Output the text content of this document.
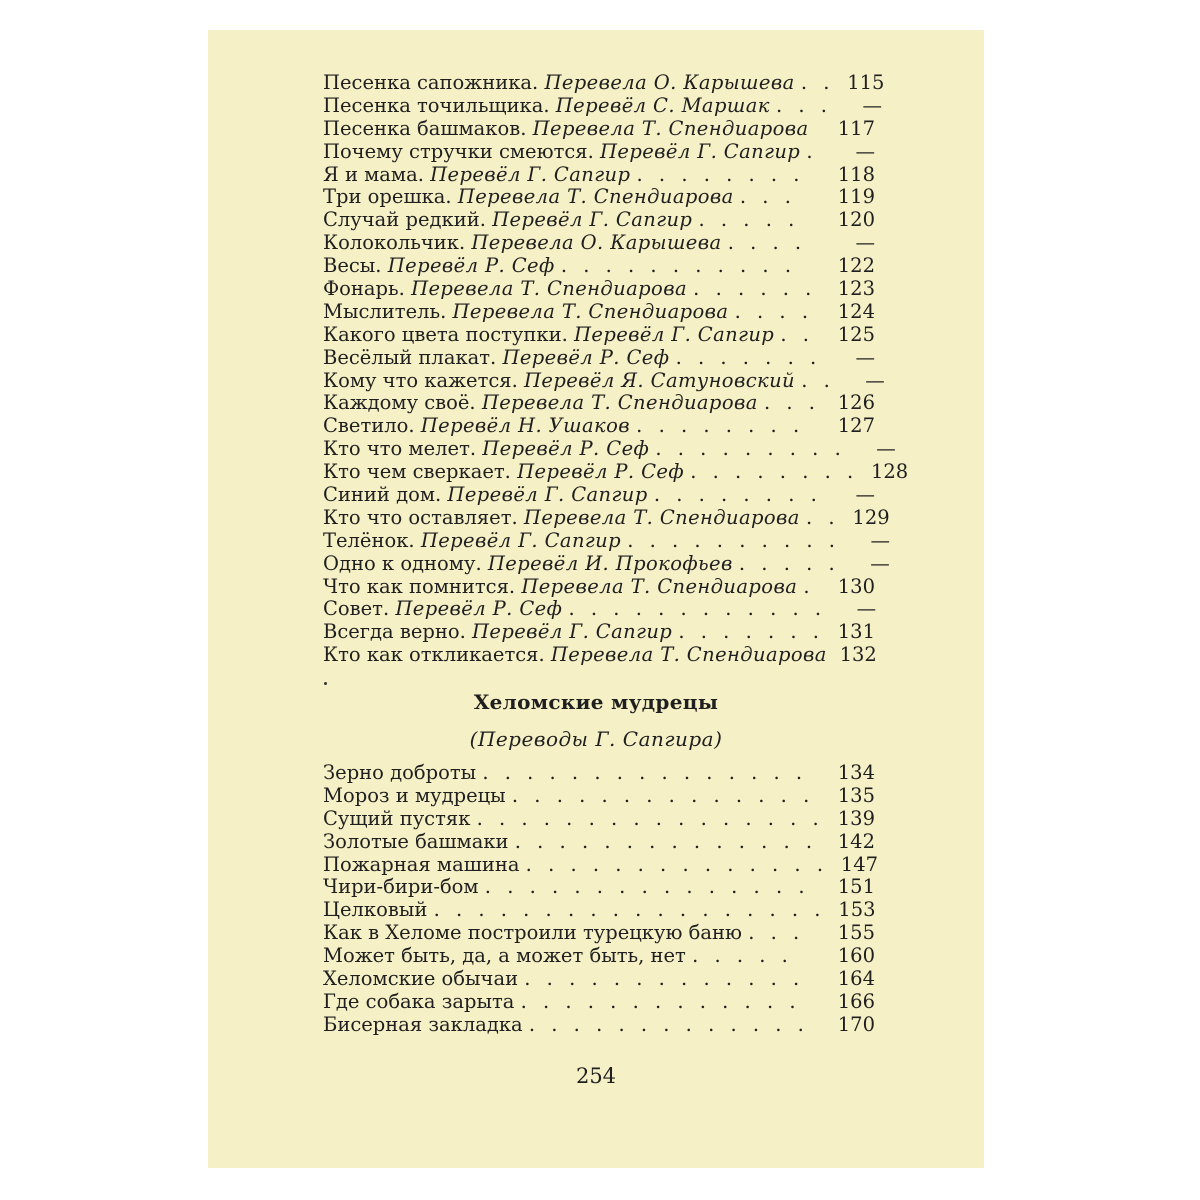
Песенка сапожника. Перевела О. Карышева . . 115
Песенка точильщика. Перевёл С. Маршак . . .	—
Песенка башмаков. Перевела Т. Спендиарова	117
Почему стручки смеются. Перевёл Г. Сапгир .	—
Я и мама. Перевёл Г. Сапгир . . . . . . . .	118
Три орешка. Перевела Т. Спендиарова . . .	119
Случай редкий. Перевёл Г. Сапгир . . . . .	120
Колокольчик. Перевела О. Карышева . . . .	—
Весы. Перевёл Р. Сеф . . . . . . . . . . .	122
Фонарь. Перевела Т. Спендиарова . . . . . .	123
Мыслитель. Перевела Т. Спендиарова . . . .	124
Какого цвета поступки. Перевёл Г. Сапгир . .	125
Весёлый плакат. Перевёл Р. Сеф . . . . . . .	—
Кому что кажется. Перевёл Я. Сатуновский . .	—
Каждому своё. Перевела Т. Спендиарова . . . 126
Светило. Перевёл Н. Ушаков . . . . . . . .	127
Кто что мелет. Перевёл Р. Сеф . . . . . . . . .	—
Кто чем сверкает. Перевёл Р. Сеф . . . . . . . . 128
Синий дом. Перевёл Г. Сапгир . . . . . . . .	—
Кто что оставляет. Перевела Т. Спендиарова . . 129
Телёнок. Перевёл Г. Сапгир . . . . . . . . . .	—
Одно к одному. Перевёл И. Прокофьев . . . . .	—
Что как помнится. Перевела Т. Спендиарова .	130
Совет. Перевёл Р. Сеф . . . . . . . . . . . .	—
Всегда верно. Перевёл Г. Сапгир . . . . . . . 131
Кто как откликается. Перевела Т. Спендиарова 132
Хеломские мудрецы
(Переводы Г. Сапгира)
Зерно доброты . . . . . . . . . . . . . . .	134
Мороз и мудрецы . . . . . . . . . . . . . .	135
Сущий пустяк . . . . . . . . . . . . . . . . 139
Золотые башмаки . . . . . . . . . . . . . .	142
Пожарная машина . . . . . . . . . . . . . . 147
Чири-бири-бом . . . . . . . . . . . . . . .	151
Целковый . . . . . . . . . . . . . . . . . . 153
Как в Хеломе построили турецкую баню . . .	155
Может быть, да, а может быть, нет . . . . .	160
Хеломские обычаи . . . . . . . . . . . . .	164
Где собака зарыта . . . . . . . . . . . . .	166
Бисерная закладка . . . . . . . . . . . . .	170
254
